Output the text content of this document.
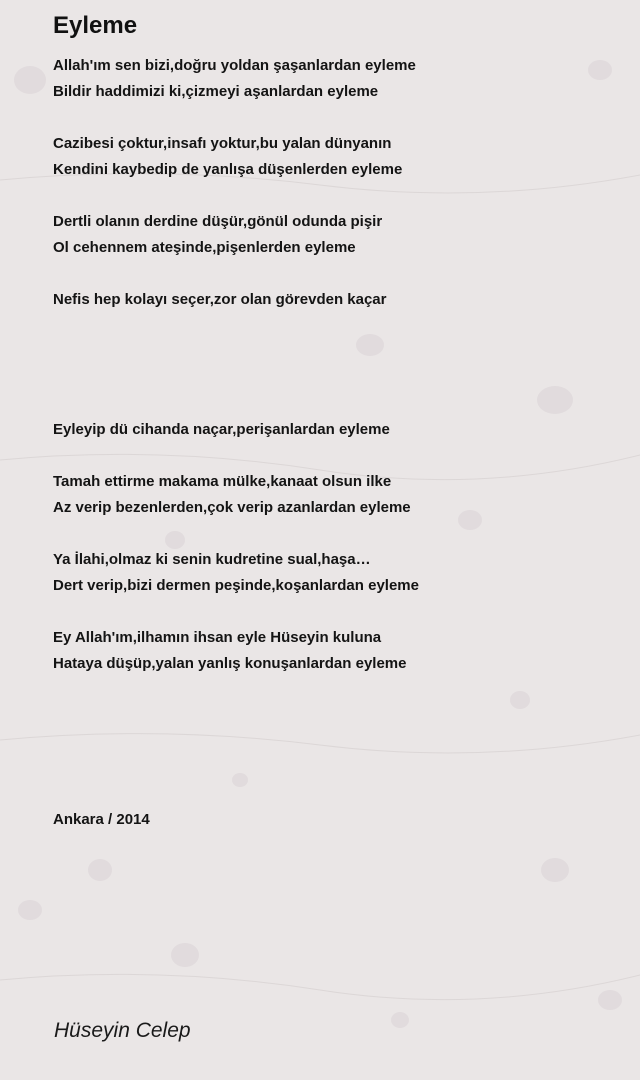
Eyleme
Allah'ım sen bizi,doğru yoldan şaşanlardan eyleme
Bildir haddimizi ki,çizmeyi aşanlardan eyleme
Cazibesi çoktur,insafı yoktur,bu yalan dünyanın
Kendini kaybedip de yanlışa düşenlerden eyleme
Dertli olanın derdine düşür,gönül odunda pişir
Ol cehennem ateşinde,pişenlerden eyleme
Nefis hep kolayı seçer,zor olan görevden kaçar
Eyleyip dü cihanda naçar,perişanlardan eyleme
Tamah ettirme makama mülke,kanaat olsun ilke
Az verip bezenlerden,çok verip azanlardan eyleme
Ya İlahi,olmaz ki senin kudretine sual,haşa…
Dert verip,bizi dermen peşinde,koşanlardan eyleme
Ey Allah'ım,ilhamın ihsan eyle Hüseyin kuluna
Hataya düşüp,yalan yanlış konuşanlardan eyleme
Ankara / 2014
Hüseyin Celep
